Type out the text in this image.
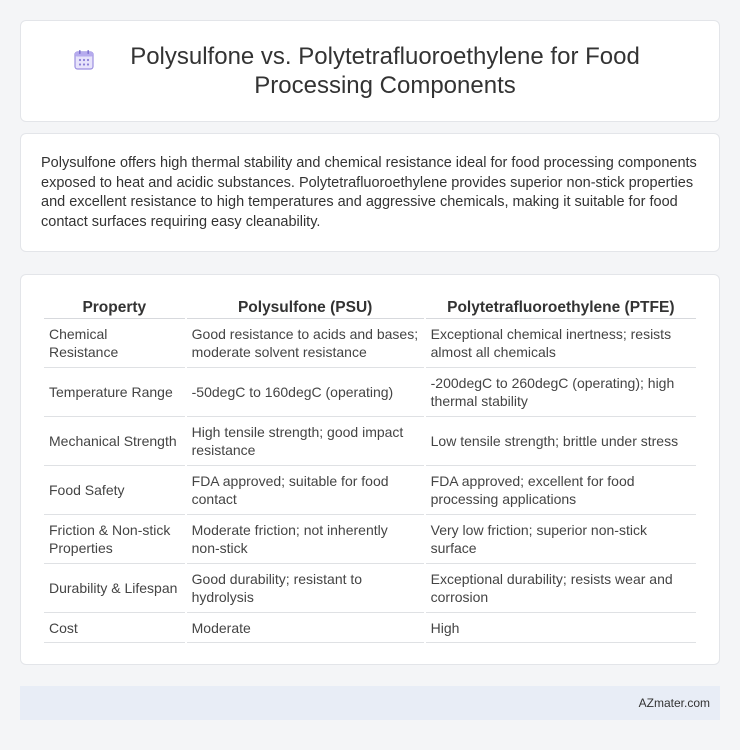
Polysulfone vs. Polytetrafluoroethylene for Food Processing Components

Polysulfone offers high thermal stability and chemical resistance ideal for food processing components exposed to heat and acidic substances. Polytetrafluoroethylene provides superior non-stick properties and excellent resistance to high temperatures and aggressive chemicals, making it suitable for food contact surfaces requiring easy cleanability.

Property	Polysulfone (PSU)	Polytetrafluoroethylene (PTFE)
Chemical Resistance	Good resistance to acids and bases; moderate solvent resistance	Exceptional chemical inertness; resists almost all chemicals
Temperature Range	-50degC to 160degC (operating)	-200degC to 260degC (operating); high thermal stability
Mechanical Strength	High tensile strength; good impact resistance	Low tensile strength; brittle under stress
Food Safety	FDA approved; suitable for food contact	FDA approved; excellent for food processing applications
Friction & Non-stick Properties	Moderate friction; not inherently non-stick	Very low friction; superior non-stick surface
Durability & Lifespan	Good durability; resistant to hydrolysis	Exceptional durability; resists wear and corrosion
Cost	Moderate	High
AZmater.com
